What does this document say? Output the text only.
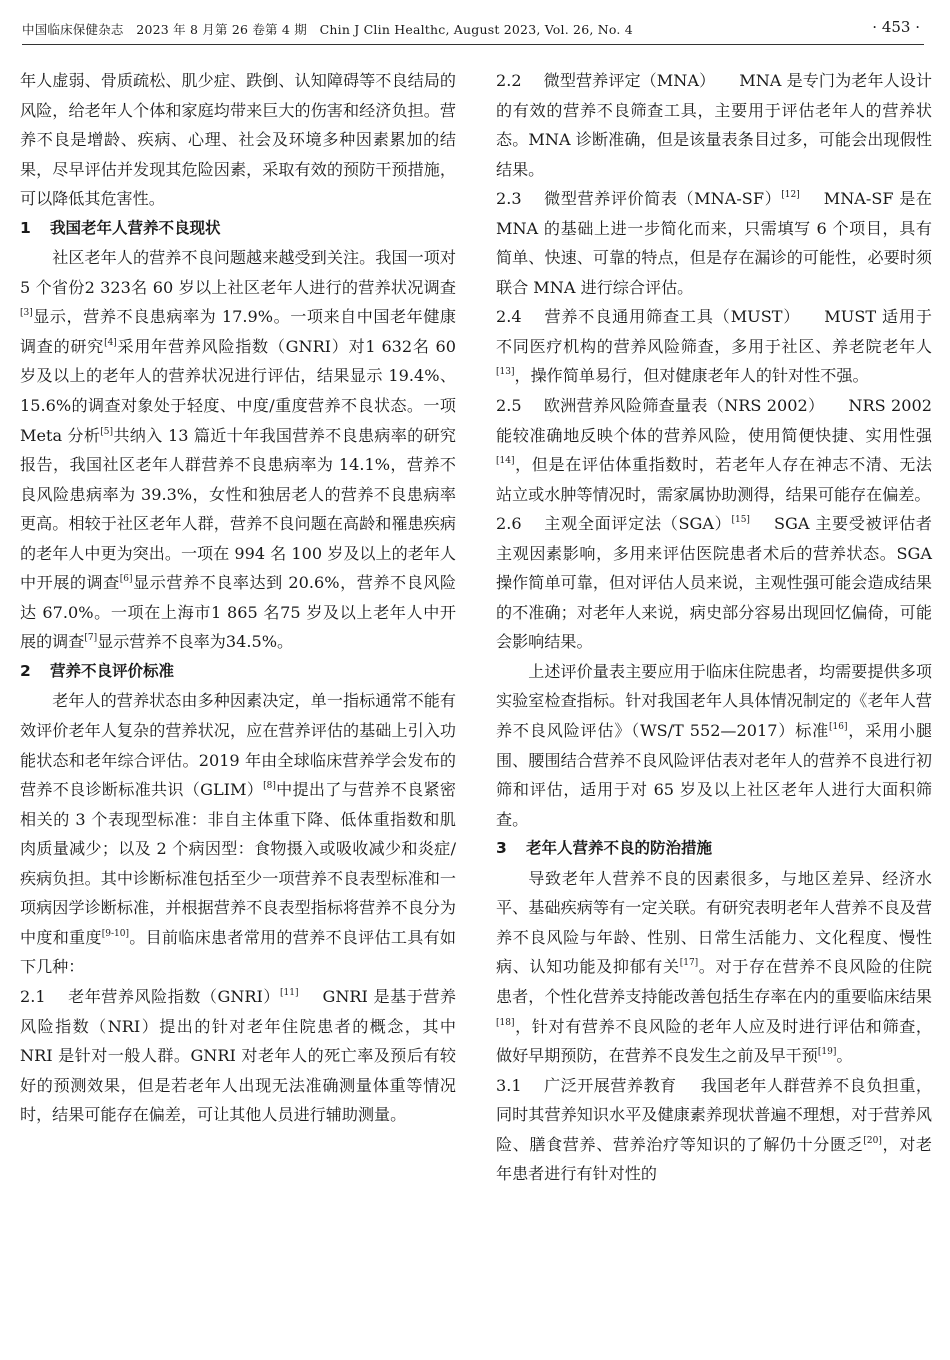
中国临床保健杂志　2023 年 8 月第 26 卷第 4 期　Chin J Clin Healthc, August 2023, Vol. 26, No. 4	· 453 ·

年人虚弱、骨质疏松、肌少症、跌倒、认知障碍等不良结局的风险，给老年人个体和家庭均带来巨大的伤害和经济负担。营养不良是增龄、疾病、心理、社会及环境多种因素累加的结果，尽早评估并发现其危险因素，采取有效的预防干预措施，可以降低其危害性。

1 我国老年人营养不良现状

社区老年人的营养不良问题越来越受到关注。我国一项对 5 个省份2 323名 60 岁以上社区老年人进行的营养状况调查[3]显示，营养不良患病率为 17.9%。一项来自中国老年健康调查的研究[4]采用年营养风险指数（GNRI）对1 632名 60 岁及以上的老年人的营养状况进行评估，结果显示 19.4%、15.6%的调查对象处于轻度、中度/重度营养不良状态。一项 Meta 分析[5]共纳入 13 篇近十年我国营养不良患病率的研究报告，我国社区老年人群营养不良患病率为 14.1%，营养不良风险患病率为 39.3%，女性和独居老人的营养不良患病率更高。相较于社区老年人群，营养不良问题在高龄和罹患疾病的老年人中更为突出。一项在 994 名 100 岁及以上的老年人中开展的调查[6]显示营养不良率达到 20.6%，营养不良风险达 67.0%。一项在上海市1 865 名75 岁及以上老年人中开展的调查[7]显示营养不良率为34.5%。

2 营养不良评价标准

老年人的营养状态由多种因素决定，单一指标通常不能有效评价老年人复杂的营养状况，应在营养评估的基础上引入功能状态和老年综合评估。2019 年由全球临床营养学会发布的营养不良诊断标准共识（GLIM）[8]中提出了与营养不良紧密相关的 3 个表现型标准：非自主体重下降、低体重指数和肌肉质量减少；以及 2 个病因型：食物摄入或吸收减少和炎症/疾病负担。其中诊断标准包括至少一项营养不良表型标准和一项病因学诊断标准，并根据营养不良表型指标将营养不良分为中度和重度[9-10]。目前临床患者常用的营养不良评估工具有如下几种：

2.1 老年营养风险指数（GNRI）[11] GNRI 是基于营养风险指数（NRI）提出的针对老年住院患者的概念，其中 NRI 是针对一般人群。GNRI 对老年人的死亡率及预后有较好的预测效果，但是若老年人出现无法准确测量体重等情况时，结果可能存在偏差，可让其他人员进行辅助测量。

2.2 微型营养评定（MNA） MNA 是专门为老年人设计的有效的营养不良筛查工具，主要用于评估老年人的营养状态。MNA 诊断准确，但是该量表条目过多，可能会出现假性结果。

2.3 微型营养评价简表（MNA-SF）[12] MNA-SF 是在 MNA 的基础上进一步简化而来，只需填写 6 个项目，具有简单、快速、可靠的特点，但是存在漏诊的可能性，必要时须联合 MNA 进行综合评估。

2.4 营养不良通用筛查工具（MUST） MUST 适用于不同医疗机构的营养风险筛查，多用于社区、养老院老年人[13]，操作简单易行，但对健康老年人的针对性不强。

2.5 欧洲营养风险筛查量表（NRS 2002） NRS 2002 能较准确地反映个体的营养风险，使用简便快捷、实用性强[14]，但是在评估体重指数时，若老年人存在神志不清、无法站立或水肿等情况时，需家属协助测得，结果可能存在偏差。

2.6 主观全面评定法（SGA）[15] SGA 主要受被评估者主观因素影响，多用来评估医院患者术后的营养状态。SGA 操作简单可靠，但对评估人员来说，主观性强可能会造成结果的不准确；对老年人来说，病史部分容易出现回忆偏倚，可能会影响结果。

上述评价量表主要应用于临床住院患者，均需要提供多项实验室检查指标。针对我国老年人具体情况制定的《老年人营养不良风险评估》（WS/T 552—2017）标准[16]，采用小腿围、腰围结合营养不良风险评估表对老年人的营养不良进行初筛和评估，适用于对 65 岁及以上社区老年人进行大面积筛查。

3 老年人营养不良的防治措施

导致老年人营养不良的因素很多，与地区差异、经济水平、基础疾病等有一定关联。有研究表明老年人营养不良及营养不良风险与年龄、性别、日常生活能力、文化程度、慢性病、认知功能及抑郁有关[17]。对于存在营养不良风险的住院患者，个性化营养支持能改善包括生存率在内的重要临床结果[18]，针对有营养不良风险的老年人应及时进行评估和筛查，做好早期预防，在营养不良发生之前及早干预[19]。

3.1 广泛开展营养教育 我国老年人群营养不良负担重，同时其营养知识水平及健康素养现状普遍不理想，对于营养风险、膳食营养、营养治疗等知识的了解仍十分匮乏[20]，对老年患者进行有针对性的
